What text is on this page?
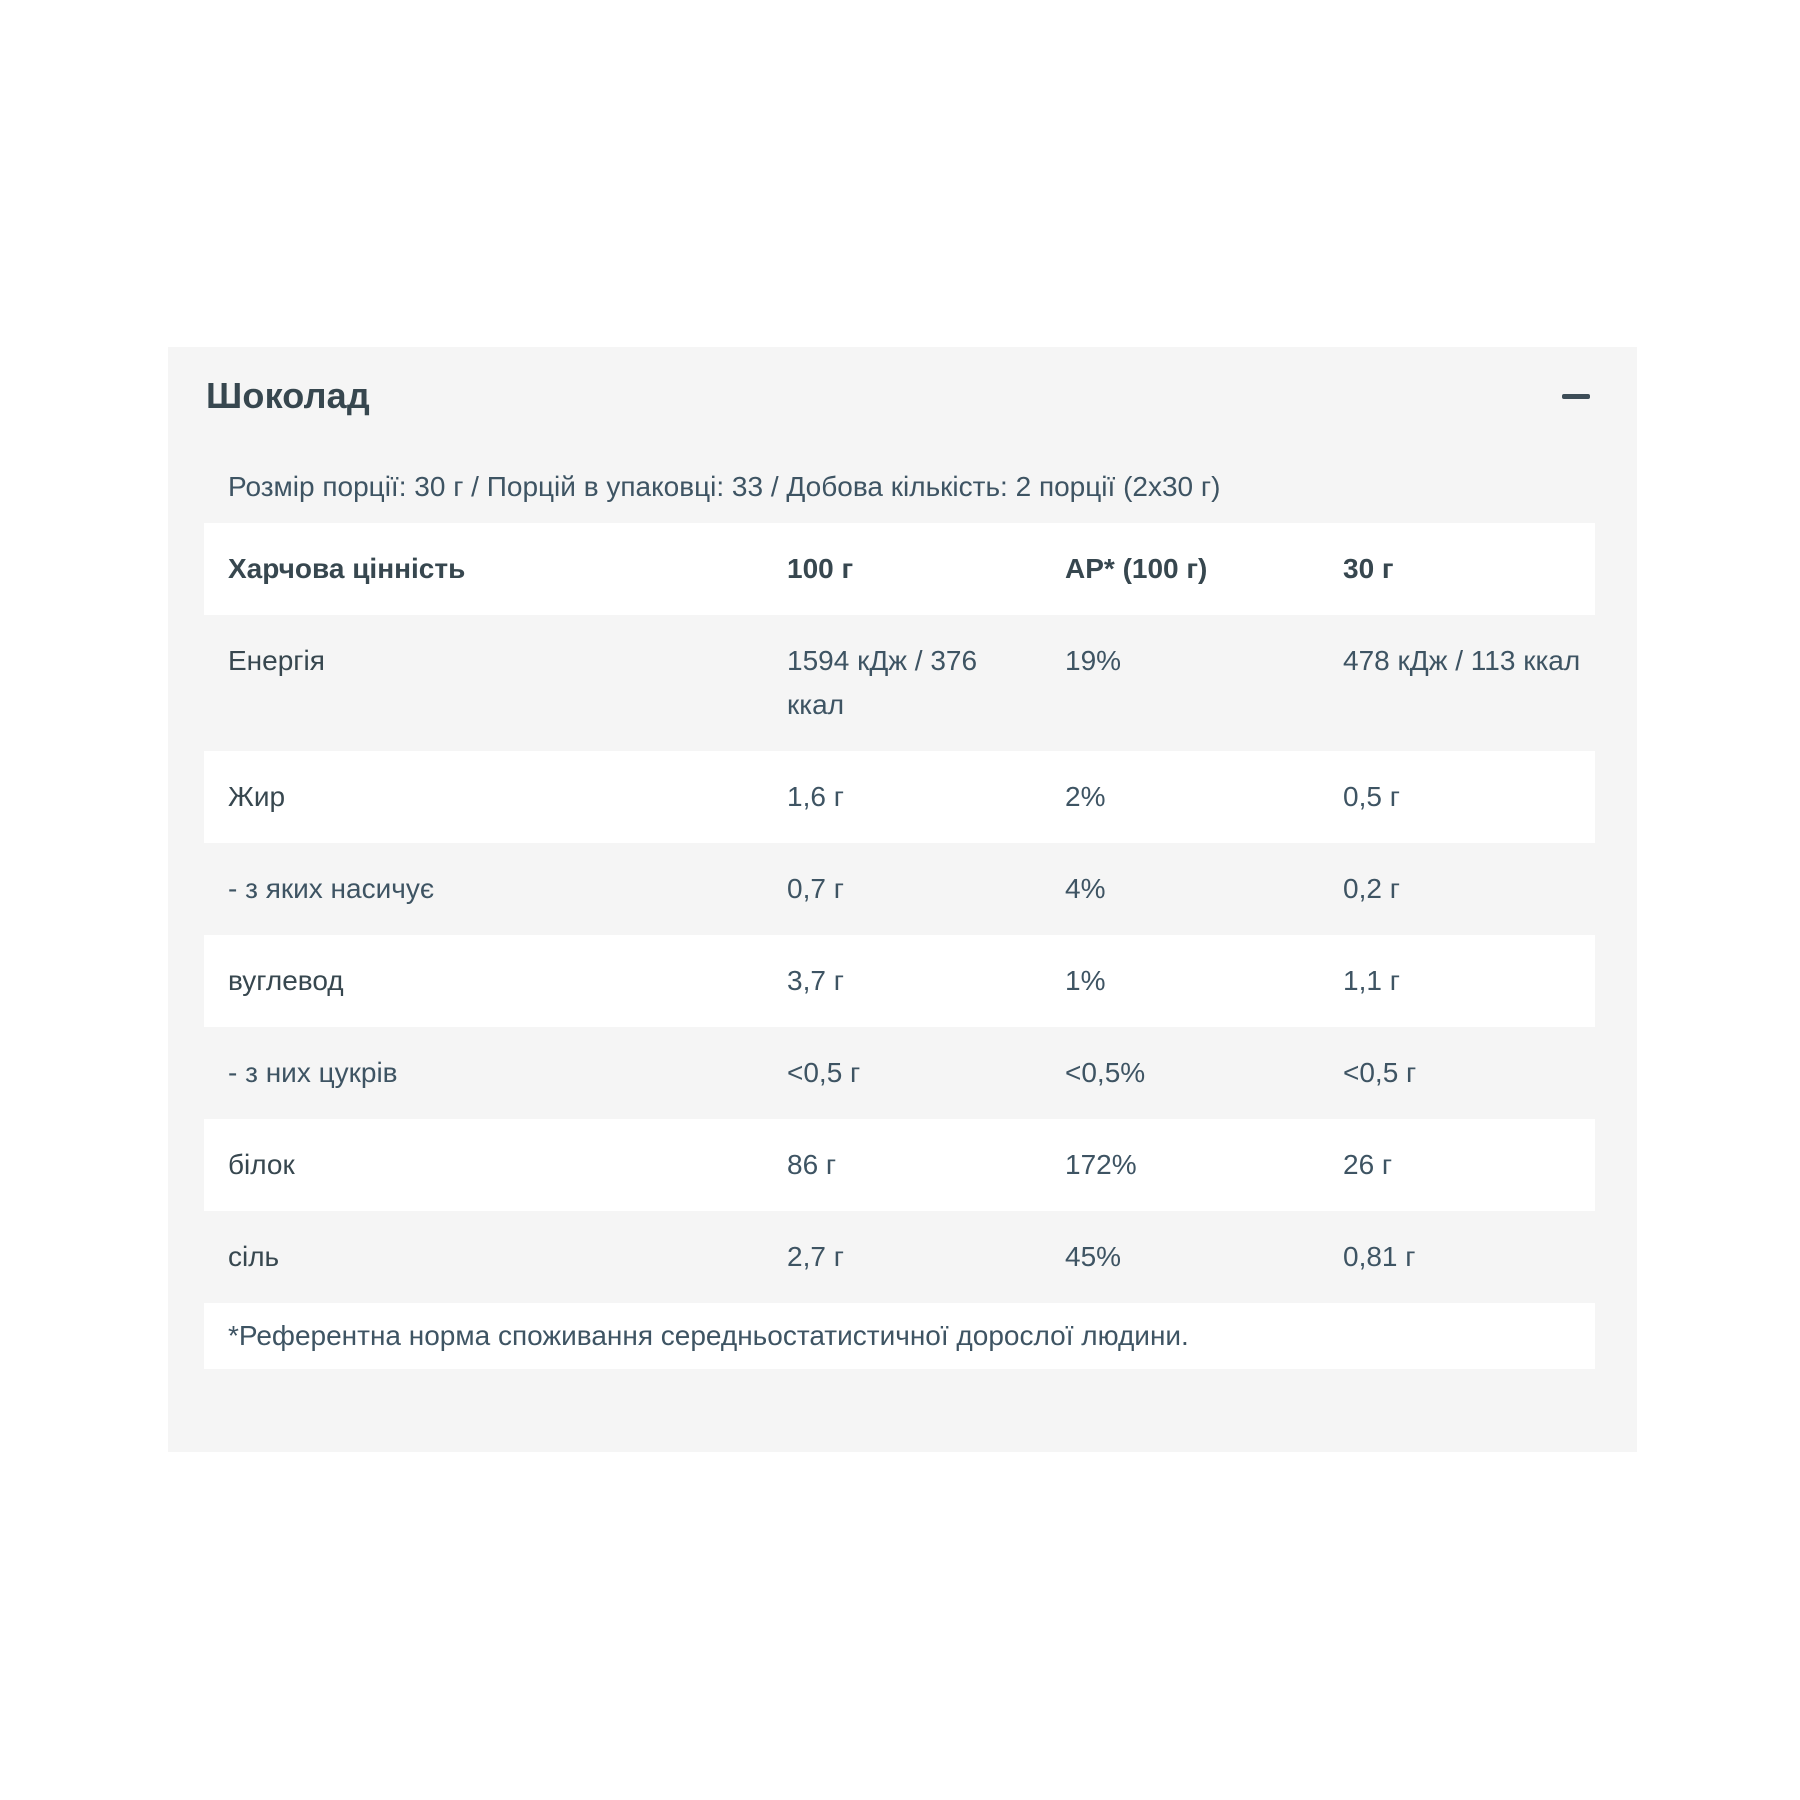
Шоколад
Розмір порції: 30 г / Порцій в упаковці: 33 / Добова кількість: 2 порції (2x30 г)
Харчова цінність	100 г	АР* (100 г)	30 г
Енергія	1594 кДж / 376 ккал	19%	478 кДж / 113 ккал
Жир	1,6 г	2%	0,5 г
- з яких насичує	0,7 г	4%	0,2 г
вуглевод	3,7 г	1%	1,1 г
- з них цукрів	<0,5 г	<0,5%	<0,5 г
білок	86 г	172%	26 г
сіль	2,7 г	45%	0,81 г
*Референтна норма споживання середньостатистичної дорослої людини.			
